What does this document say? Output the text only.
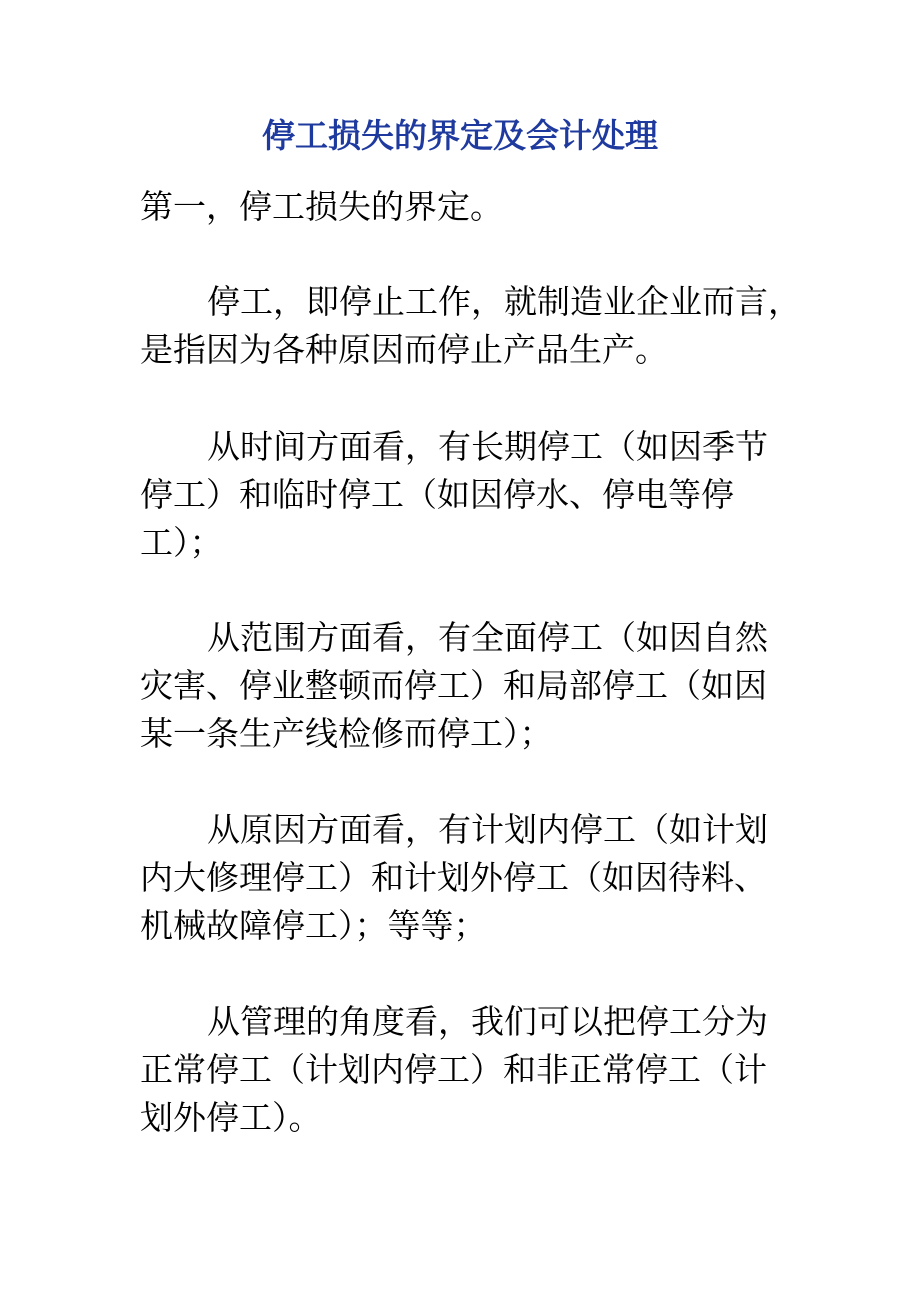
停工损失的界定及会计处理

第一，停工损失的界定。

停工，即停止工作，就制造业企业而言，
是指因为各种原因而停止产品生产。
从时间方面看，有长期停工（如因季节
停工）和临时停工（如因停水、停电等停
工）；
从范围方面看，有全面停工（如因自然
灾害、停业整顿而停工）和局部停工（如因
某一条生产线检修而停工）；
从原因方面看，有计划内停工（如计划
内大修理停工）和计划外停工（如因待料、
机械故障停工）；等等；
从管理的角度看，我们可以把停工分为
正常停工（计划内停工）和非正常停工（计
划外停工）。
